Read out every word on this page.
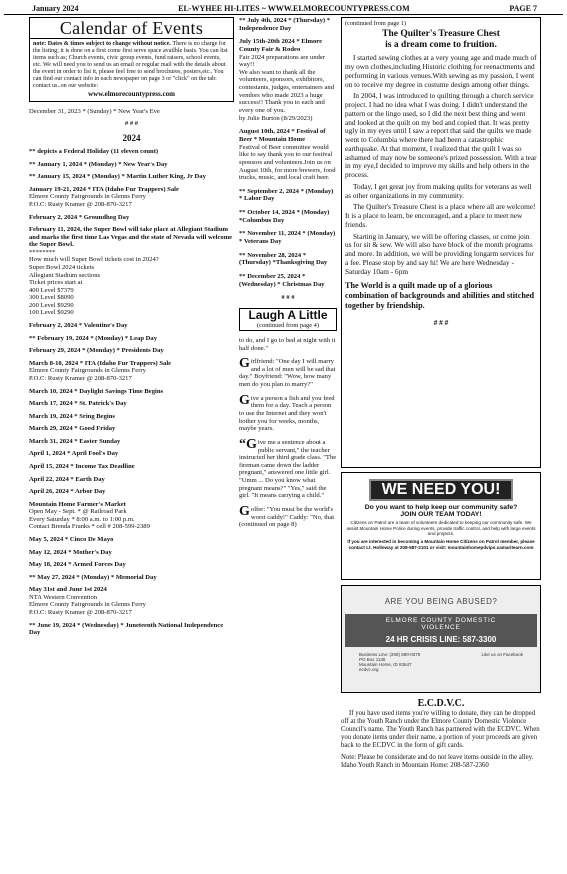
January 2024	EL-WYHEE HI-LITES ~ WWW.ELMORECOUNTYPRESS.COM	PAGE 7
Calendar of Events
note: Dates & times subject to change without notice. There is no charge for the listing; it is done on a first come first serve space availble basis. You can list items such as; Church events, civic group events, fund raisers, school events, etc. We will need you to send us an email or regular mail with the details about the event in order to list it, please feel free to send brochures, posters,etc.. You can find our contact info in each newspaper on page 3 or "click" on the tab: contact us..on our website:
www.elmorecountypress.com

December 31, 2023 * (Sunday) * New Year's Eve

# # #

2024

** depicts a Federal Holiday (11 eleven count)

** January 1, 2024 * (Monday) * New Year's Day

** January 15, 2024 * (Monday) * Martin Luther King, Jr Day

January 19-21, 2024 * ITA (Idaho Fur Trappers) Sale
Elmore County Fairgrounds in Glenns Ferry
P.O.C: Rusty Kramer @ 208-870-3217

February 2, 2024 * Groundhog Day

February 11, 2024, the Super Bowl will take place at Allegiant Stadium and marks the first time Las Vegas and the state of Nevada will welcome the Super Bowl.
********
How much will Super Bowl tickets cost in 2024?
Super Bowl 2024 tickets
Allegiant Stadium sections
Ticket prices start at
400 Level $7379
300 Level $8090
200 Level $9290
100 Level $9290

February 2, 2024 * Valentine's Day

** February 19, 2024 * (Monday) * Leap Day

February 29, 2024 * (Monday) * Presidents Day

March 8-10, 2024 * ITA (Idaho Fur Trappers) Sale
Elmore County Fairgrounds in Glenns Ferry
P.O.C: Rusty Kramer @ 208-870-3217

March 10, 2024 * Daylight Savings Time Begins

March 17, 2024 * St. Patrick's Day

March 19, 2024 * Sring Begins

March 29, 2024 * Good Friday

March 31, 2024 * Easter Sunday

April 1, 2024 * April Fool's Day

April 15, 2024 * Income Tax Deadline

April 22, 2024 * Earth Day

April 26, 2024 * Arbor Day

Mountain Home Farmer's Market
Open May - Sept. * @ Railroad Park
Every Saturday * 8:00 a.m. to 1:00 p.m.
Contact Brenda Franks * cell # 208-599-2389

May 5, 2024 * Cinco De Mayo

May 12, 2024 * Mother's Day

May 18, 2024 * Armed Forces Day

** May 27, 2024 * (Monday) * Memorial Day

May 31st and June 1st 2024
NTA Western Convention
Elmore County Fairgrounds in Glenns Ferry
P.O.C: Rusty Kramer @ 208-870-3217

** June 19, 2024 * (Wednesday) * Juneteenth National Independence Day

** July 4th, 2024 * (Thursday) * Independence Day

July 15th-20th 2024 * Elmore County Fair & Rodeo
Fair 2024 preparations are under way!!
We also want to thank all the volunteers, sponsors, exhibitors, contestants, judges, entertainers and vendors who made 2023 a huge success!! Thank you to each and every one of you.
by Julie Burton (8/29/2023)

August 10th, 2024 * Festival of Beer * Mountain Home
Festival of Beer committee would like to say thank you to our festival sponsors and volunteers.Join us on August 10th, for more brewers, food trucks, music, and local craft beer.

** September 2, 2024 * (Monday) * Labor Day

** October 14, 2024 * (Monday) *Columbus Day

** November 11, 2024 * (Monday) * Veterans Day

** November 28, 2024 * (Thursday) *Thanksgiving Day

** December 25, 2024 * (Wednesday) * Christmas Day

# # #

Laugh A Little
(continued from page 4)

to do, and I go to bed at night with it half done."

Girlfriend: "One day I will marry and a lot of men will be sad that day." Boyfriend: "Wow, how many men do you plan to marry?"

Give a person a fish and you feed them for a day. Teach a person to use the Internet and they won't bother you for weeks, months, maybe years.

“Give me a sentence about a public servant," the teacher instructed her third grade class. "The fireman came down the ladder pregnant," answered one little girl. "Umm ... Do you know what pregnant means?" "Yes," said the girl. "It means carrying a child."

Golfer: "You must be the world's worst caddy!" Caddy: "No, that (continued on page 8)

(continued from page 1)
The Quilter's Treasure Chest
is a dream come to fruition.

I started sewing clothes at a very young age and made much of my own clothes,including Historic clothing for reenactments and performing in various venues.With sewing as my passion, I went on to receive my degree in costume design among other things.

In 2004, I was introduced to quilting through a church service project. I had no idea what I was doing. I didn't understand the pattern or the lingo used, so I did the next best thing and went and looked at the quilt on my bed and copied that. It was pretty ugly in my eyes until I saw a report that said the quilts we made went to Columbia where there had been a catastrophic earthquake. At that moment, I realized that the quilt I was so ashamed of may now be someone's prized possession. With a tear in my eye,I decided to improve my skills and help others in the process.

Today, I get great joy from making quilts for veterans as well as other organizations in my community.

The Quilter's Treasure Chest is a place where all are welcome! It is a place to learn, be encouraged, and a place to meet new friends.

Starting in January, we will be offering classes, or come join us for sit & sew. We will also have block of the month programs and more. In addition, we will be providing longarm services for a fee. Please stop by and say hi! We are here Wednesday - Saturday 10am - 6pm

The World is a quilt made up of a glorious combination of backgrounds and abilities and stitched together by friendship.

# # #

WE NEED YOU!
Do you want to help keep our community safe?
JOIN OUR TEAM TODAY!
Citizens on Patrol are a team of volunteers dedicated to keeping our community safe. We assist Mountain Home Police during events, provide traffic control, and help with large events and projects.
If you are interested in becoming a Mountain Home Citizens on Patrol member, please contact Lt. Holloway at 208-587-2101 or visit: mountainhomepdvips.samaritearn.com
ARE YOU BEING ABUSED?
ELMORE COUNTY DOMESTIC
VIOLENCE
24 HR CRISIS LINE: 587-3300
Business Line: (208) 590-0379
PO Box 1136
Mountain Home, ID 83647
ecdvc.org
Like us on Facebook
E.C.D.V.C.

If you have used items you're willing to donate, they can be dropped off at the Youth Ranch under the Elmore County Domestic Violence Council's name. The Youth Ranch has partnered with the ECDVC. When you donate items under their name, a portion of your proceeds are given back to the ECDVC in the form of gift cards.

Note: Please be considerate and do not leave items outside in the alley.
Idaho Youth Ranch in Mountain Home: 208-587-2360
